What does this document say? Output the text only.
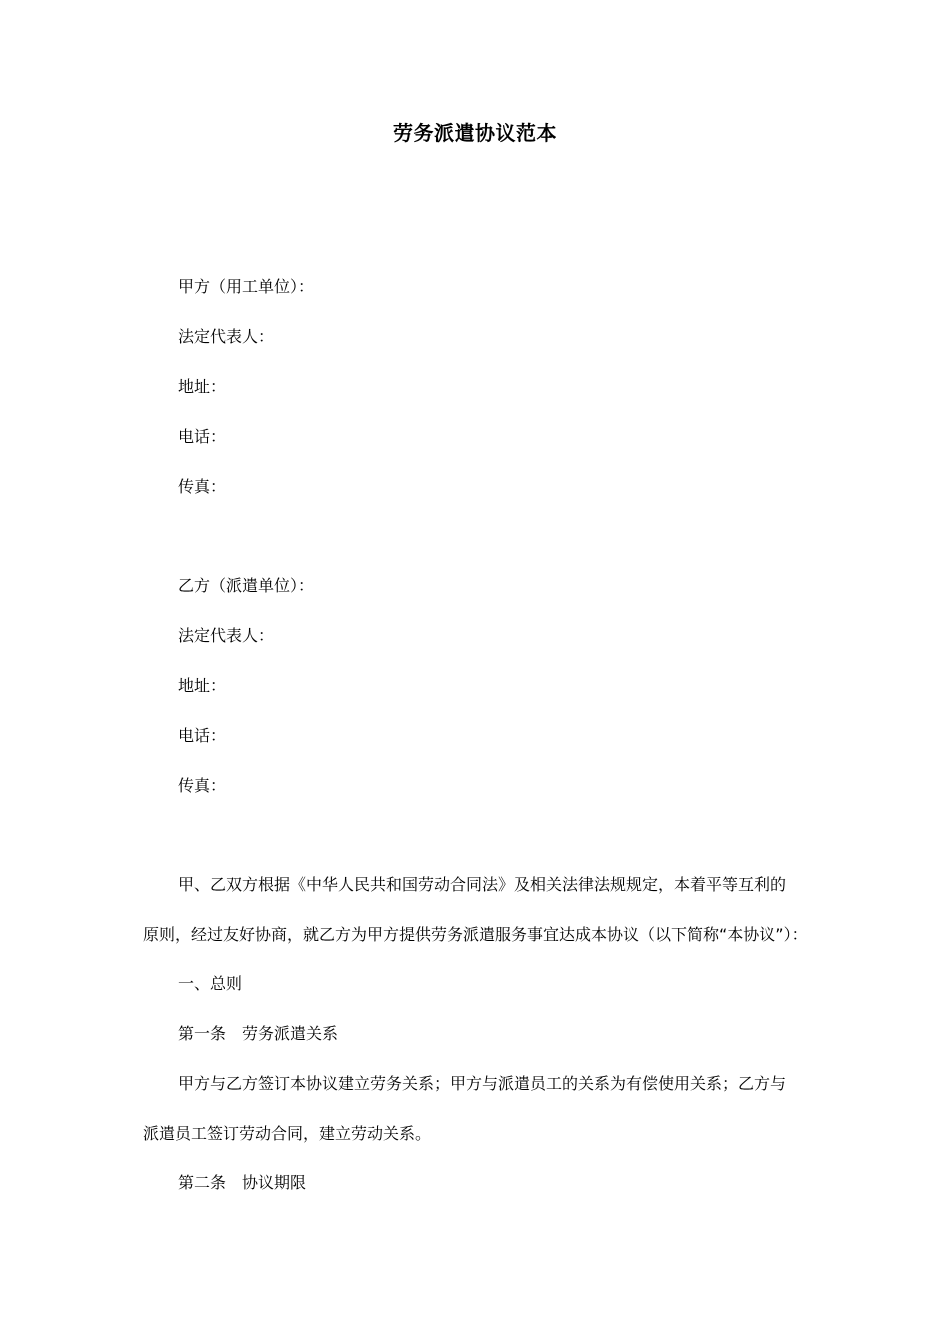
劳务派遣协议范本
甲方（用工单位）：
法定代表人：
地址：
电话：
传真：
乙方（派遣单位）：
法定代表人：
地址：
电话：
传真：
甲、乙双方根据《中华人民共和国劳动合同法》及相关法律法规规定，本着平等互利的
原则，经过友好协商，就乙方为甲方提供劳务派遣服务事宜达成本协议（以下简称“本协议”）：
一、总则
第一条 劳务派遣关系
甲方与乙方签订本协议建立劳务关系；甲方与派遣员工的关系为有偿使用关系；乙方与
派遣员工签订劳动合同，建立劳动关系。
第二条 协议期限
